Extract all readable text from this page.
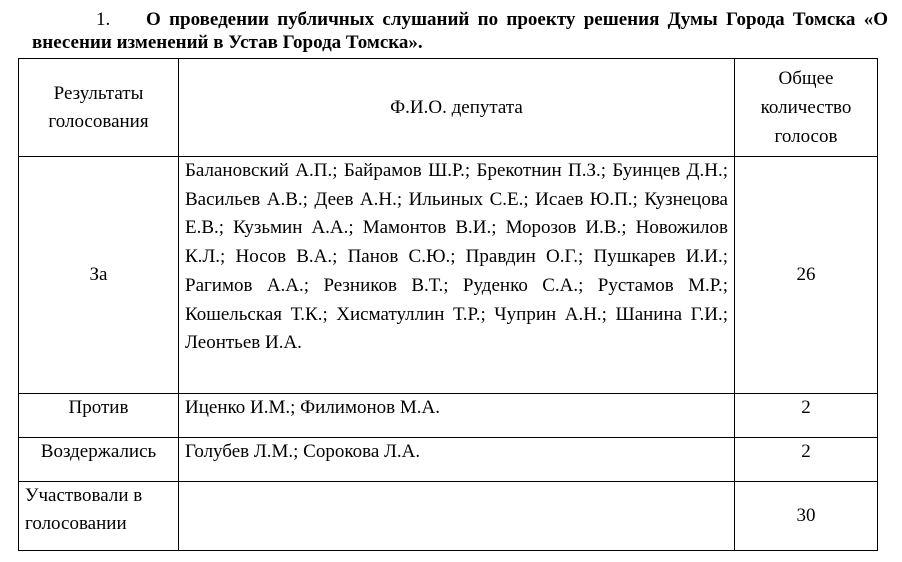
1. О проведении публичных слушаний по проекту решения Думы Города Томска «О внесении изменений в Устав Города Томска».
Результаты голосования	Ф.И.О. депутата	Общее количество голосов
За	Балановский А.П.; Байрамов Ш.Р.; Брекотнин П.З.; Буинцев Д.Н.; Васильев А.В.; Деев А.Н.; Ильиных С.Е.; Исаев Ю.П.; Кузнецова Е.В.; Кузьмин А.А.; Мамонтов В.И.; Морозов И.В.; Новожилов К.Л.; Носов В.А.; Панов С.Ю.; Правдин О.Г.; Пушкарев И.И.; Рагимов А.А.; Резников В.Т.; Руденко С.А.; Рустамов М.Р.; Кошельская Т.К.; Хисматуллин Т.Р.; Чуприн А.Н.; Шанина Г.И.; Леонтьев И.А.	26
Против	Иценко И.М.; Филимонов М.А.	2
Воздержались	Голубев Л.М.; Сорокова Л.А.	2
Участвовали в голосовании		30
